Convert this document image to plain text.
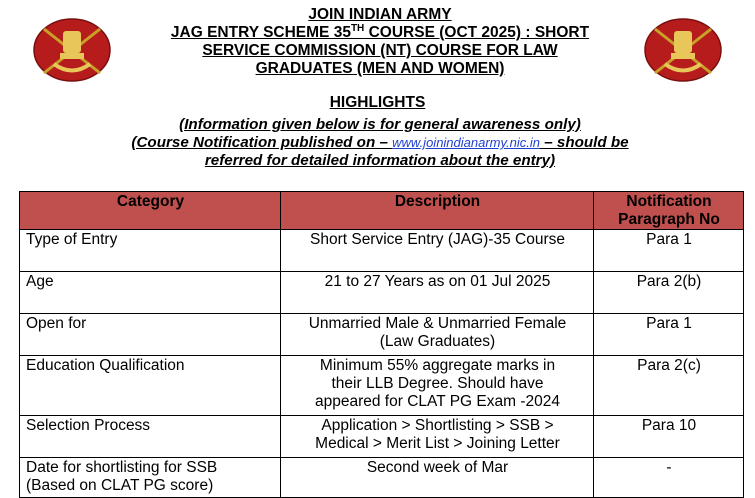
JOIN INDIAN ARMY
JAG ENTRY SCHEME 35TH COURSE (OCT 2025) : SHORT
SERVICE COMMISSION (NT) COURSE FOR LAW
GRADUATES (MEN AND WOMEN)
HIGHLIGHTS
(Information given below is for general awareness only)
(Course Notification published on – www.joinindianarmy.nic.in – should be
referred for detailed information about the entry)
Category	Description	Notification
Paragraph No
Type of Entry	Short Service Entry (JAG)-35 Course	Para 1
Age	21 to 27 Years as on 01 Jul 2025	Para 2(b)
Open for	Unmarried Male & Unmarried Female
(Law Graduates)	Para 1
Education Qualification	Minimum 55% aggregate marks in
their LLB Degree. Should have
appeared for CLAT PG Exam -2024	Para 2(c)
Selection Process	Application > Shortlisting > SSB >
Medical > Merit List > Joining Letter	Para 10
Date for shortlisting for SSB
(Based on CLAT PG score)	Second week of Mar	-
